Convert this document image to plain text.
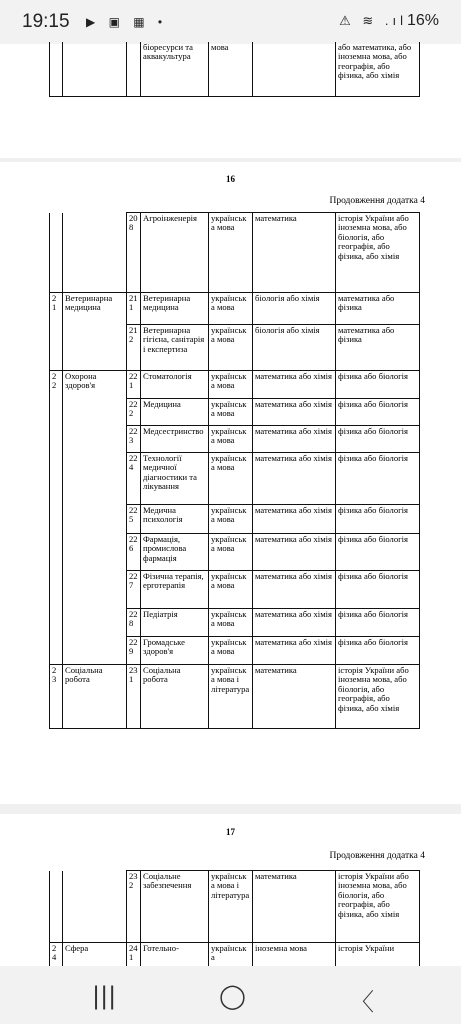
19:15 ▶ ▣ ▦ •	⚠ ≋ .ıl 16%
			біоресурси та аквакультура	мова		або математика, або іноземна мова, або географія, або фізика, або хімія
16
Продовження додатка 4
		208	Агроінженерія	українська мова	математика	історія України або іноземна мова, або біологія, або географія, або фізика, або хімія
21	Ветеринарна медицина	211	Ветеринарна медицина	українська мова	біологія або хімія	математика або фізика
		212	Ветеринарна гігієна, санітарія і експертиза	українська мова	біологія або хімія	математика або фізика
22	Охорона здоров'я	221	Стоматологія	українська мова	математика або хімія	фізика або біологія
		222	Медицина	українська мова	математика або хімія	фізика або біологія
		223	Медсестринство	українська мова	математика або хімія	фізика або біологія
		224	Технології медичної діагностики та лікування	українська мова	математика або хімія	фізика або біологія
		225	Медична психологія	українська мова	математика або хімія	фізика або біологія
		226	Фармація, промислова фармація	українська мова	математика або хімія	фізика або біологія
		227	Фізична терапія, ерготерапія	українська мова	математика або хімія	фізика або біологія
		228	Педіатрія	українська мова	математика або хімія	фізика або біологія
		229	Громадське здоров'я	українська мова	математика або хімія	фізика або біологія
23	Соціальна робота	231	Соціальна робота	українська мова і література	математика	історія України або іноземна мова, або біологія, або географія, або фізика, або хімія
17
Продовження додатка 4
		232	Соціальне забезпечення	українська мова і література	математика	історія України або іноземна мова, або біологія, або географія, або фізика, або хімія
24	Сфера	241	Готельно-	українська	іноземна мова	історія України
|||	◯	〈
